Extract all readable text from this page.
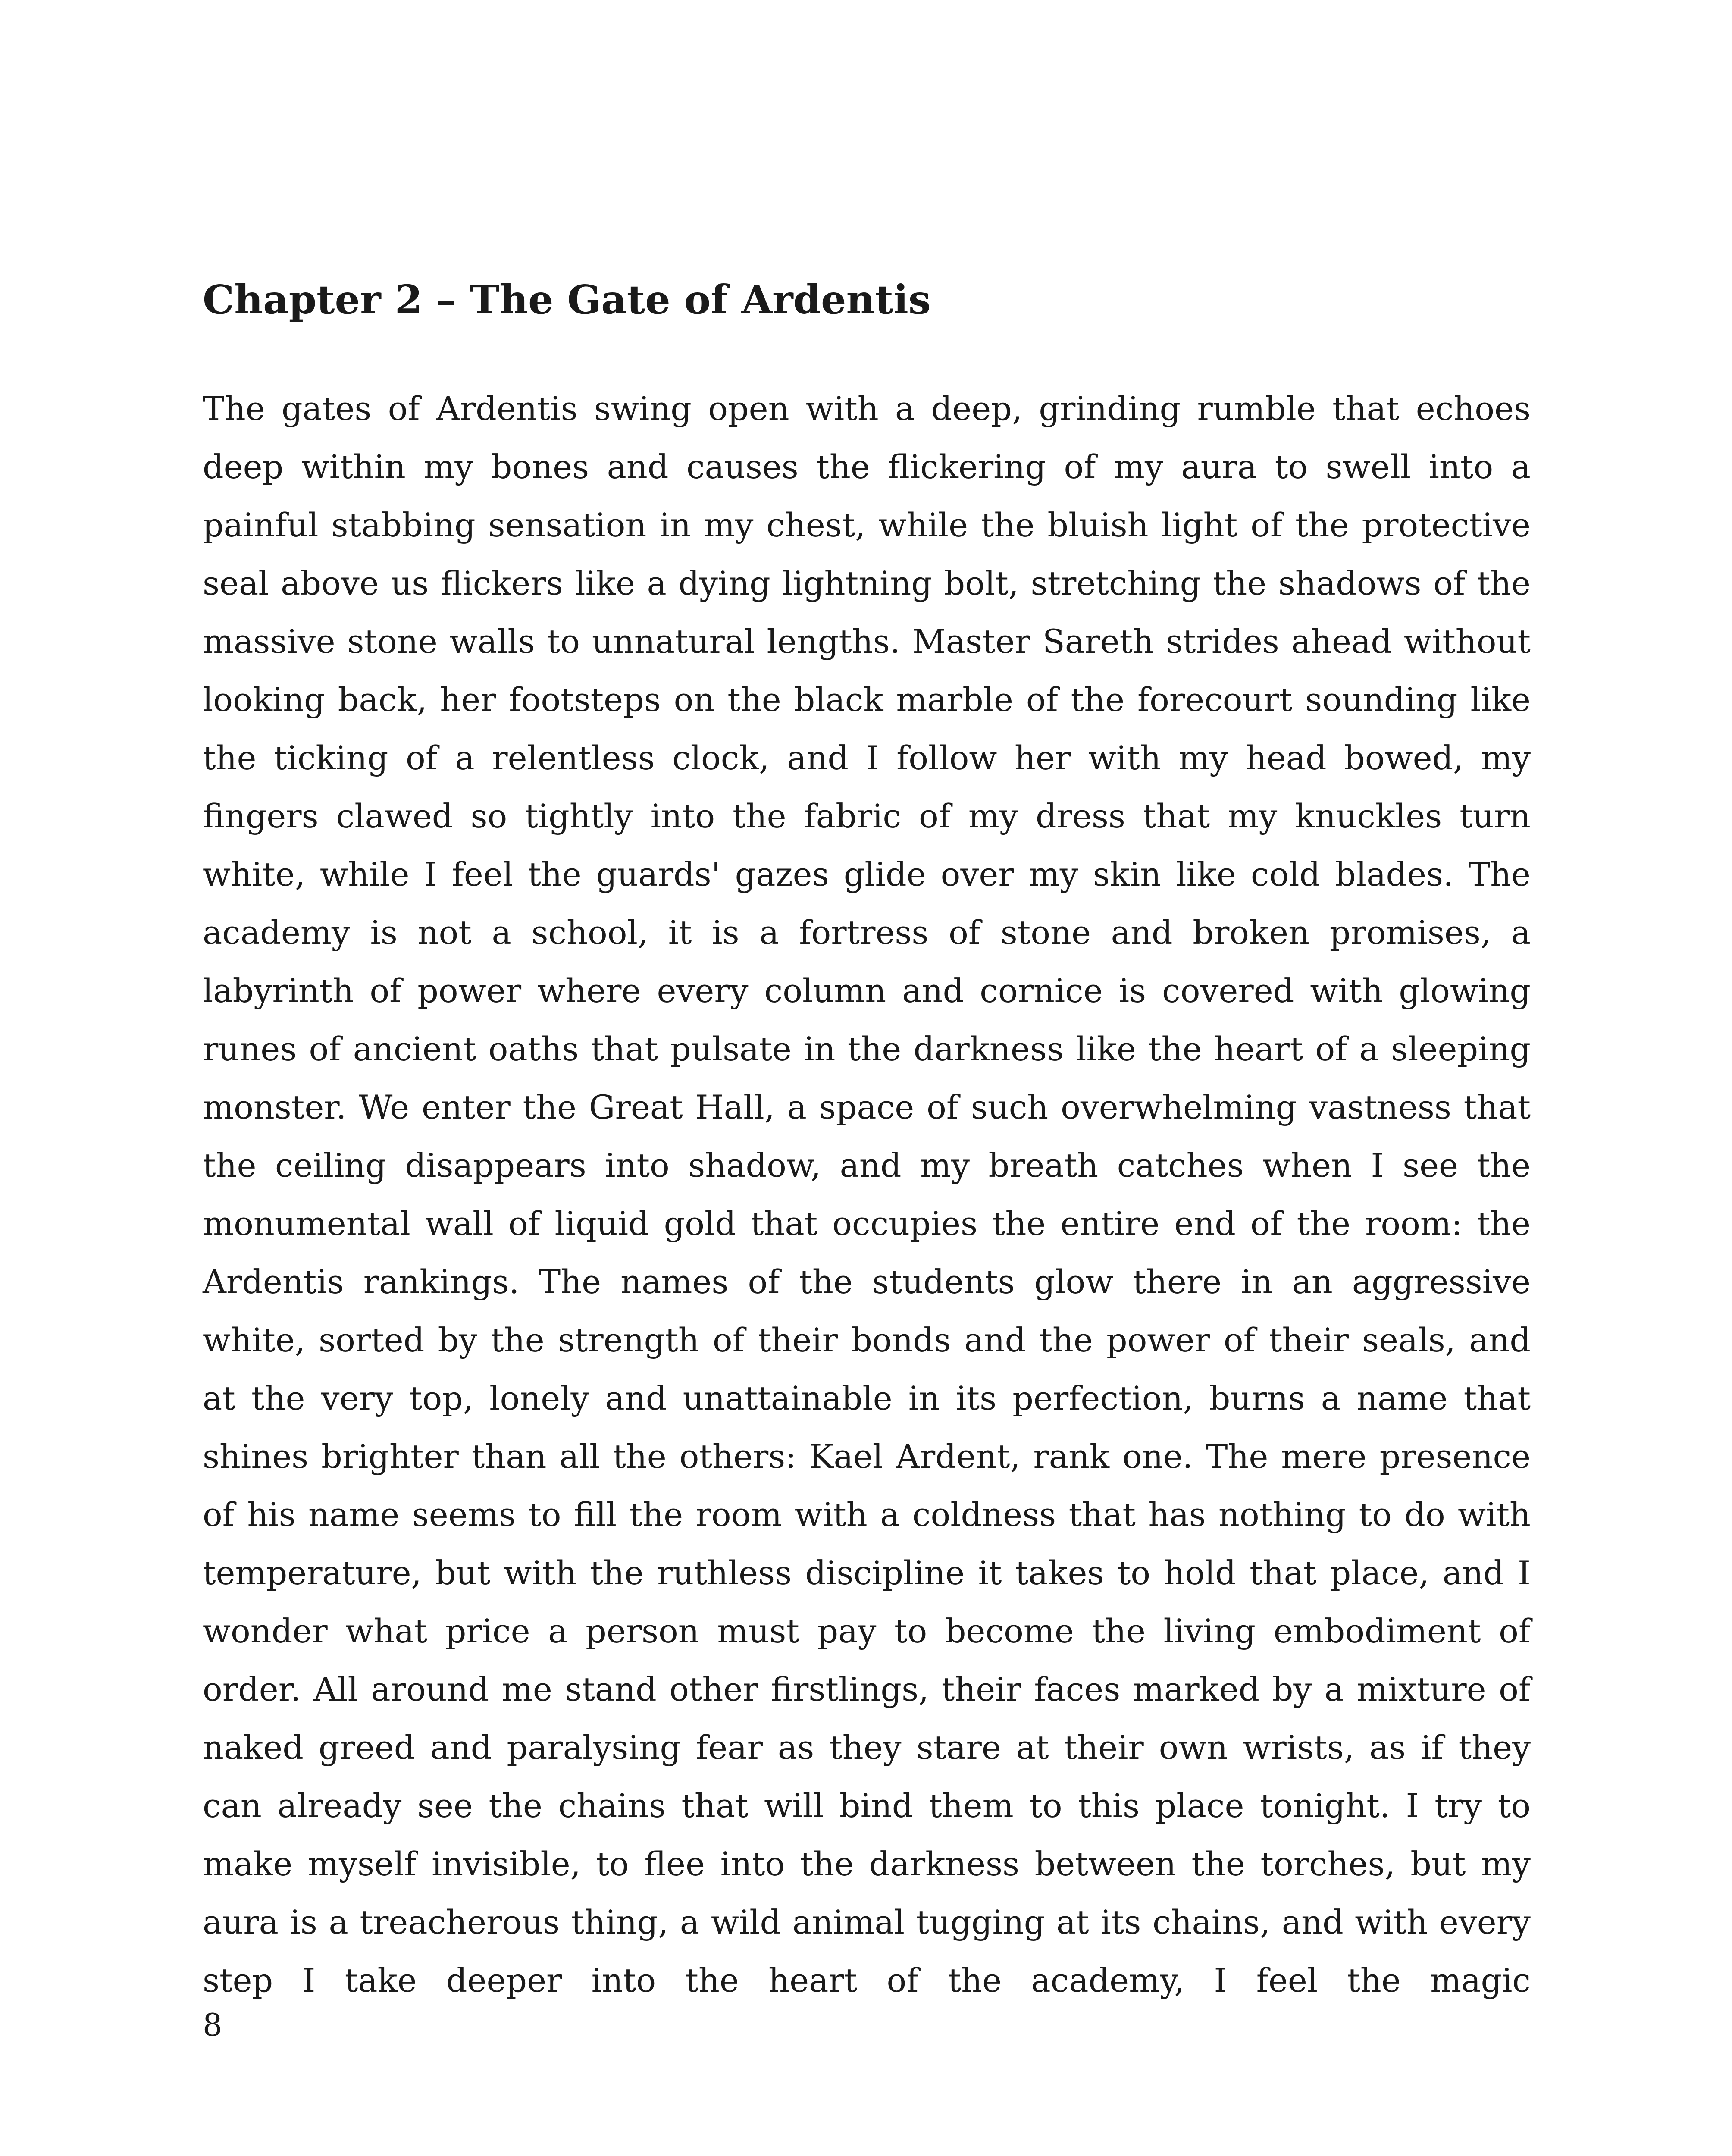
Chapter 2 – The Gate of Ardentis

The gates of Ardentis swing open with a deep, grinding rumble that echoes deep within my bones and causes the flickering of my aura to swell into a painful stabbing sensation in my chest, while the bluish light of the protective seal above us flickers like a dying lightning bolt, stretching the shadows of the massive stone walls to unnatural lengths. Master Sareth strides ahead without looking back, her footsteps on the black marble of the forecourt sounding like the ticking of a relentless clock, and I follow her with my head bowed, my fingers clawed so tightly into the fabric of my dress that my knuckles turn white, while I feel the guards' gazes glide over my skin like cold blades. The academy is not a school, it is a fortress of stone and broken promises, a labyrinth of power where every column and cornice is covered with glowing runes of ancient oaths that pulsate in the darkness like the heart of a sleeping monster. We enter the Great Hall, a space of such overwhelming vastness that the ceiling disappears into shadow, and my breath catches when I see the monumental wall of liquid gold that occupies the entire end of the room: the Ardentis rankings. The names of the students glow there in an aggressive white, sorted by the strength of their bonds and the power of their seals, and at the very top, lonely and unattainable in its perfection, burns a name that shines brighter than all the others: Kael Ardent, rank one. The mere presence of his name seems to fill the room with a coldness that has nothing to do with temperature, but with the ruthless discipline it takes to hold that place, and I wonder what price a person must pay to become the living embodiment of order. All around me stand other firstlings, their faces marked by a mixture of naked greed and paralysing fear as they stare at their own wrists, as if they can already see the chains that will bind them to this place tonight. I try to make myself invisible, to flee into the darkness between the torches, but my aura is a treacherous thing, a wild animal tugging at its chains, and with every step I take deeper into the heart of the academy, I feel the magic

8
